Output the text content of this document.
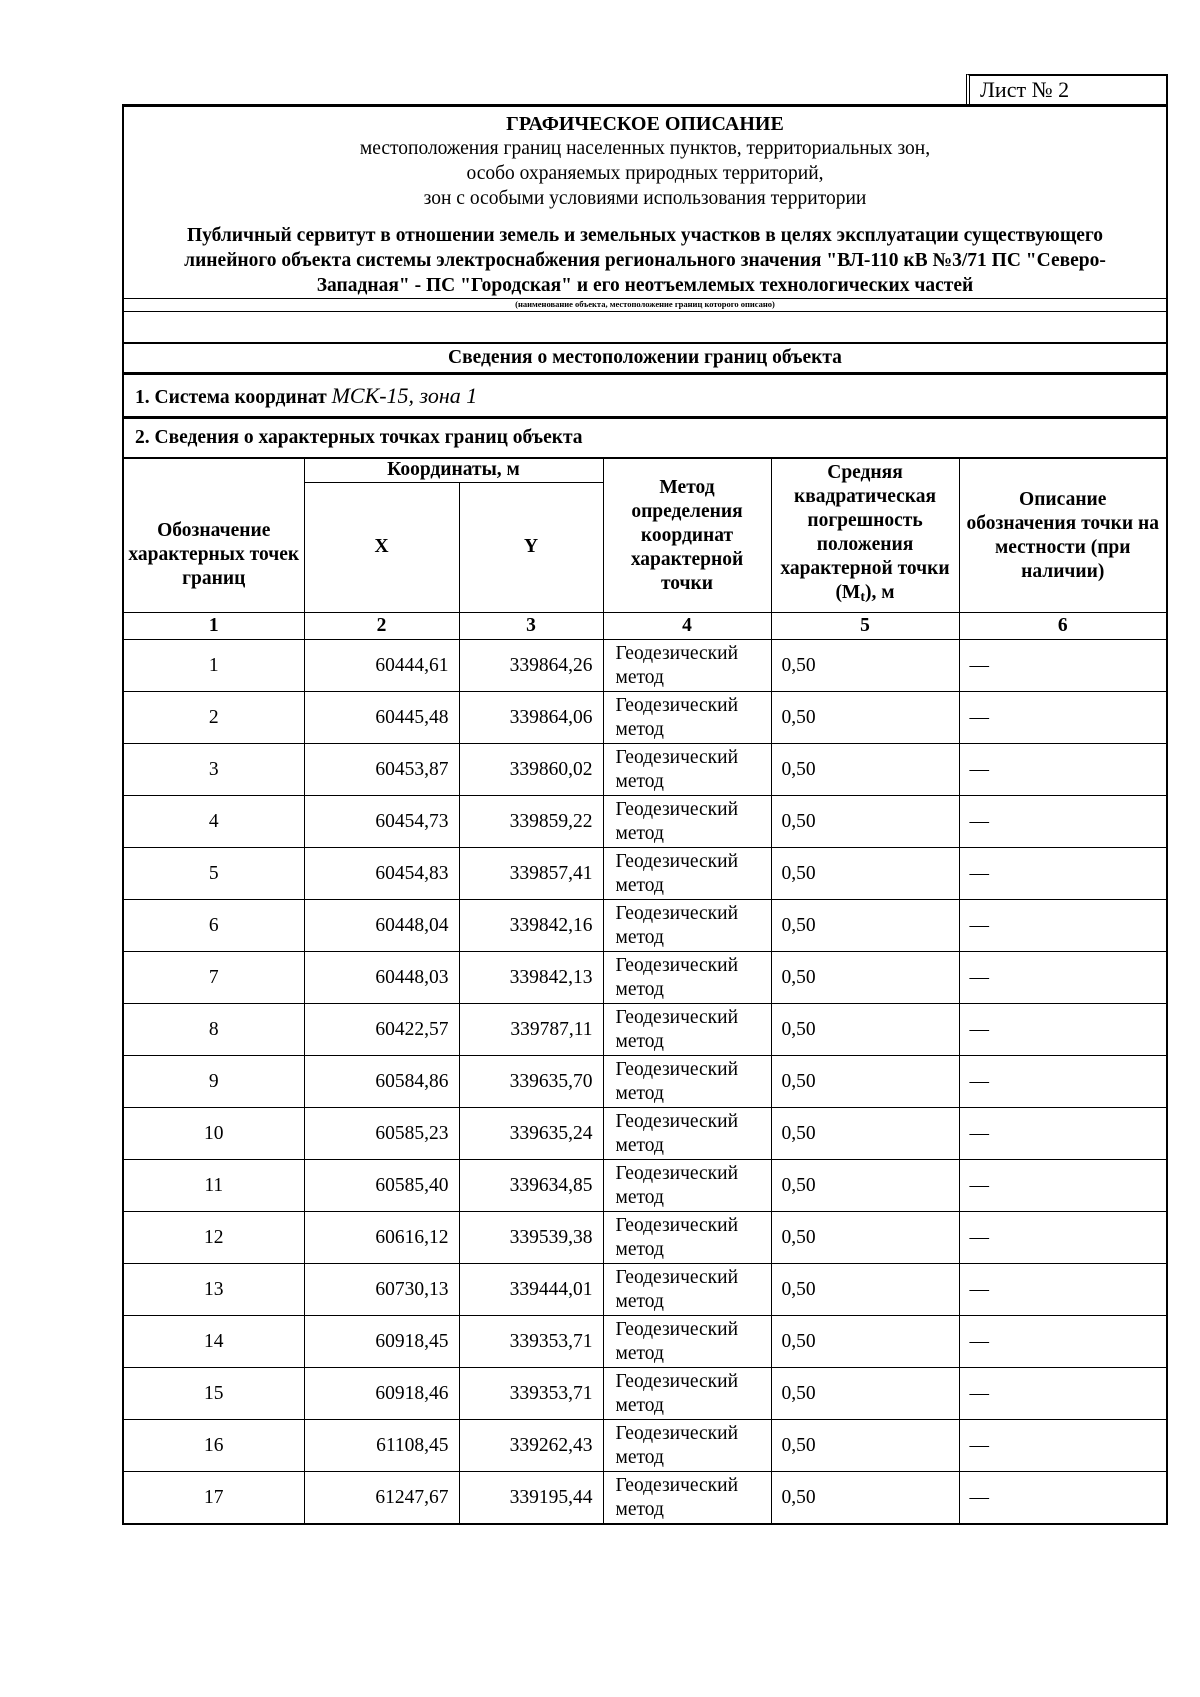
Лист № 2
ГРАФИЧЕСКОЕ ОПИСАНИЕ
местоположения границ населенных пунктов, территориальных зон,
особо охраняемых природных территорий,
зон с особыми условиями использования территории
Публичный сервитут в отношении земель и земельных участков в целях эксплуатации существующего линейного объекта системы электроснабжения регионального значения "ВЛ-110 кВ №3/71 ПС "Северо-Западная" - ПС "Городская" и его неотъемлемых технологических частей
(наименование объекта, местоположение границ которого описано)
Сведения о местоположении границ объекта
1. Система координат МСК-15, зона 1
2. Сведения о характерных точках границ объекта
Обозначение характерных точек границ	Координаты, м		Метод определения координат характерной точки	Средняя квадратическая погрешность положения характерной точки $(M_t)$, м	Описание обозначения точки на местности (при наличии)
	X	Y			
1	2	3	4	5	6
1	60444,61	339864,26	Геодезический метод	0,50	—
2	60445,48	339864,06	Геодезический метод	0,50	—
3	60453,87	339860,02	Геодезический метод	0,50	—
4	60454,73	339859,22	Геодезический метод	0,50	—
5	60454,83	339857,41	Геодезический метод	0,50	—
6	60448,04	339842,16	Геодезический метод	0,50	—
7	60448,03	339842,13	Геодезический метод	0,50	—
8	60422,57	339787,11	Геодезический метод	0,50	—
9	60584,86	339635,70	Геодезический метод	0,50	—
10	60585,23	339635,24	Геодезический метод	0,50	—
11	60585,40	339634,85	Геодезический метод	0,50	—
12	60616,12	339539,38	Геодезический метод	0,50	—
13	60730,13	339444,01	Геодезический метод	0,50	—
14	60918,45	339353,71	Геодезический метод	0,50	—
15	60918,46	339353,71	Геодезический метод	0,50	—
16	61108,45	339262,43	Геодезический метод	0,50	—
17	61247,67	339195,44	Геодезический метод	0,50	—
